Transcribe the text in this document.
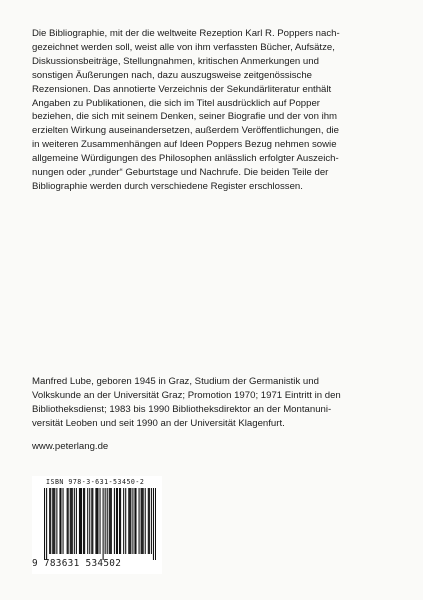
Die Bibliographie, mit der die weltweite Rezeption Karl R. Poppers nach-
gezeichnet werden soll, weist alle von ihm verfassten Bücher, Aufsätze,
Diskussionsbeiträge, Stellungnahmen, kritischen Anmerkungen und
sonstigen Äußerungen nach, dazu auszugsweise zeitgenössische
Rezensionen. Das annotierte Verzeichnis der Sekundärliteratur enthält
Angaben zu Publikationen, die sich im Titel ausdrücklich auf Popper
beziehen, die sich mit seinem Denken, seiner Biografie und der von ihm
erzielten Wirkung auseinandersetzen, außerdem Veröffentlichungen, die
in weiteren Zusammenhängen auf Ideen Poppers Bezug nehmen sowie
allgemeine Würdigungen des Philosophen anlässlich erfolgter Auszeich-
nungen oder „runder“ Geburtstage und Nachrufe. Die beiden Teile der
Bibliographie werden durch verschiedene Register erschlossen.

Manfred Lube, geboren 1945 in Graz, Studium der Germanistik und
Volkskunde an der Universität Graz; Promotion 1970; 1971 Eintritt in den
Bibliotheksdienst; 1983 bis 1990 Bibliotheksdirektor an der Montanuni-
versität Leoben und seit 1990 an der Universität Klagenfurt.

www.peterlang.de
ISBN 978-3-631-53450-2
9 783631 534502
